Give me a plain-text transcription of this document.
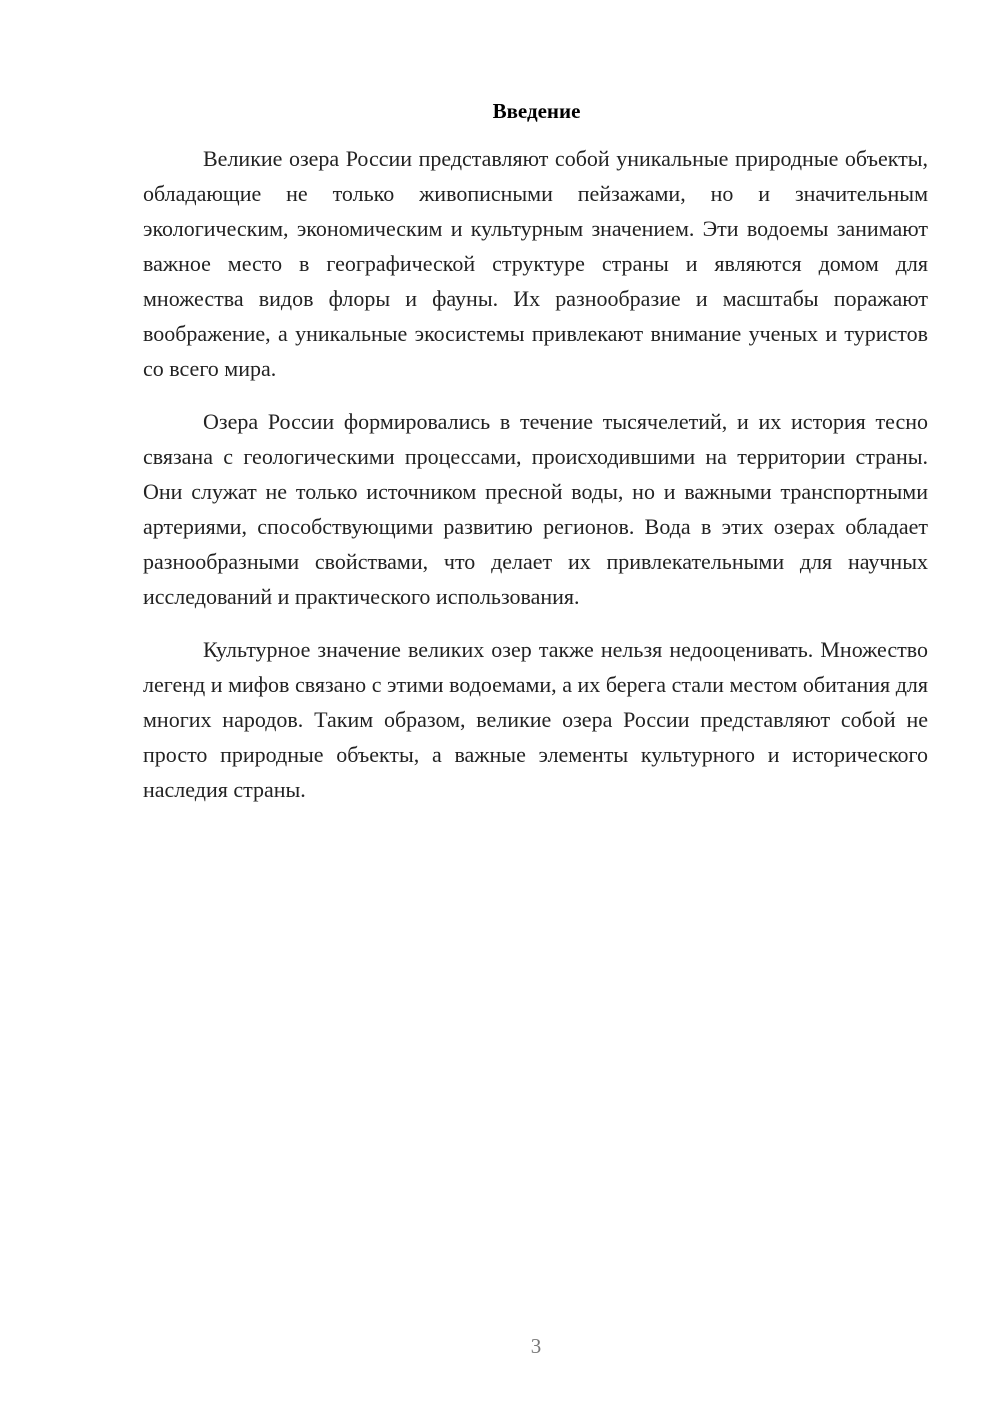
Введение

Великие озера России представляют собой уникальные природные объекты, обладающие не только живописными пейзажами, но и значительным экологическим, экономическим и культурным значением. Эти водоемы занимают важное место в географической структуре страны и являются домом для множества видов флоры и фауны. Их разнообразие и масштабы поражают воображение, а уникальные экосистемы привлекают внимание ученых и туристов со всего мира.

Озера России формировались в течение тысячелетий, и их история тесно связана с геологическими процессами, происходившими на территории страны. Они служат не только источником пресной воды, но и важными транспортными артериями, способствующими развитию регионов. Вода в этих озерах обладает разнообразными свойствами, что делает их привлекательными для научных исследований и практического использования.

Культурное значение великих озер также нельзя недооценивать. Множество легенд и мифов связано с этими водоемами, а их берега стали местом обитания для многих народов. Таким образом, великие озера России представляют собой не просто природные объекты, а важные элементы культурного и исторического наследия страны.

3
